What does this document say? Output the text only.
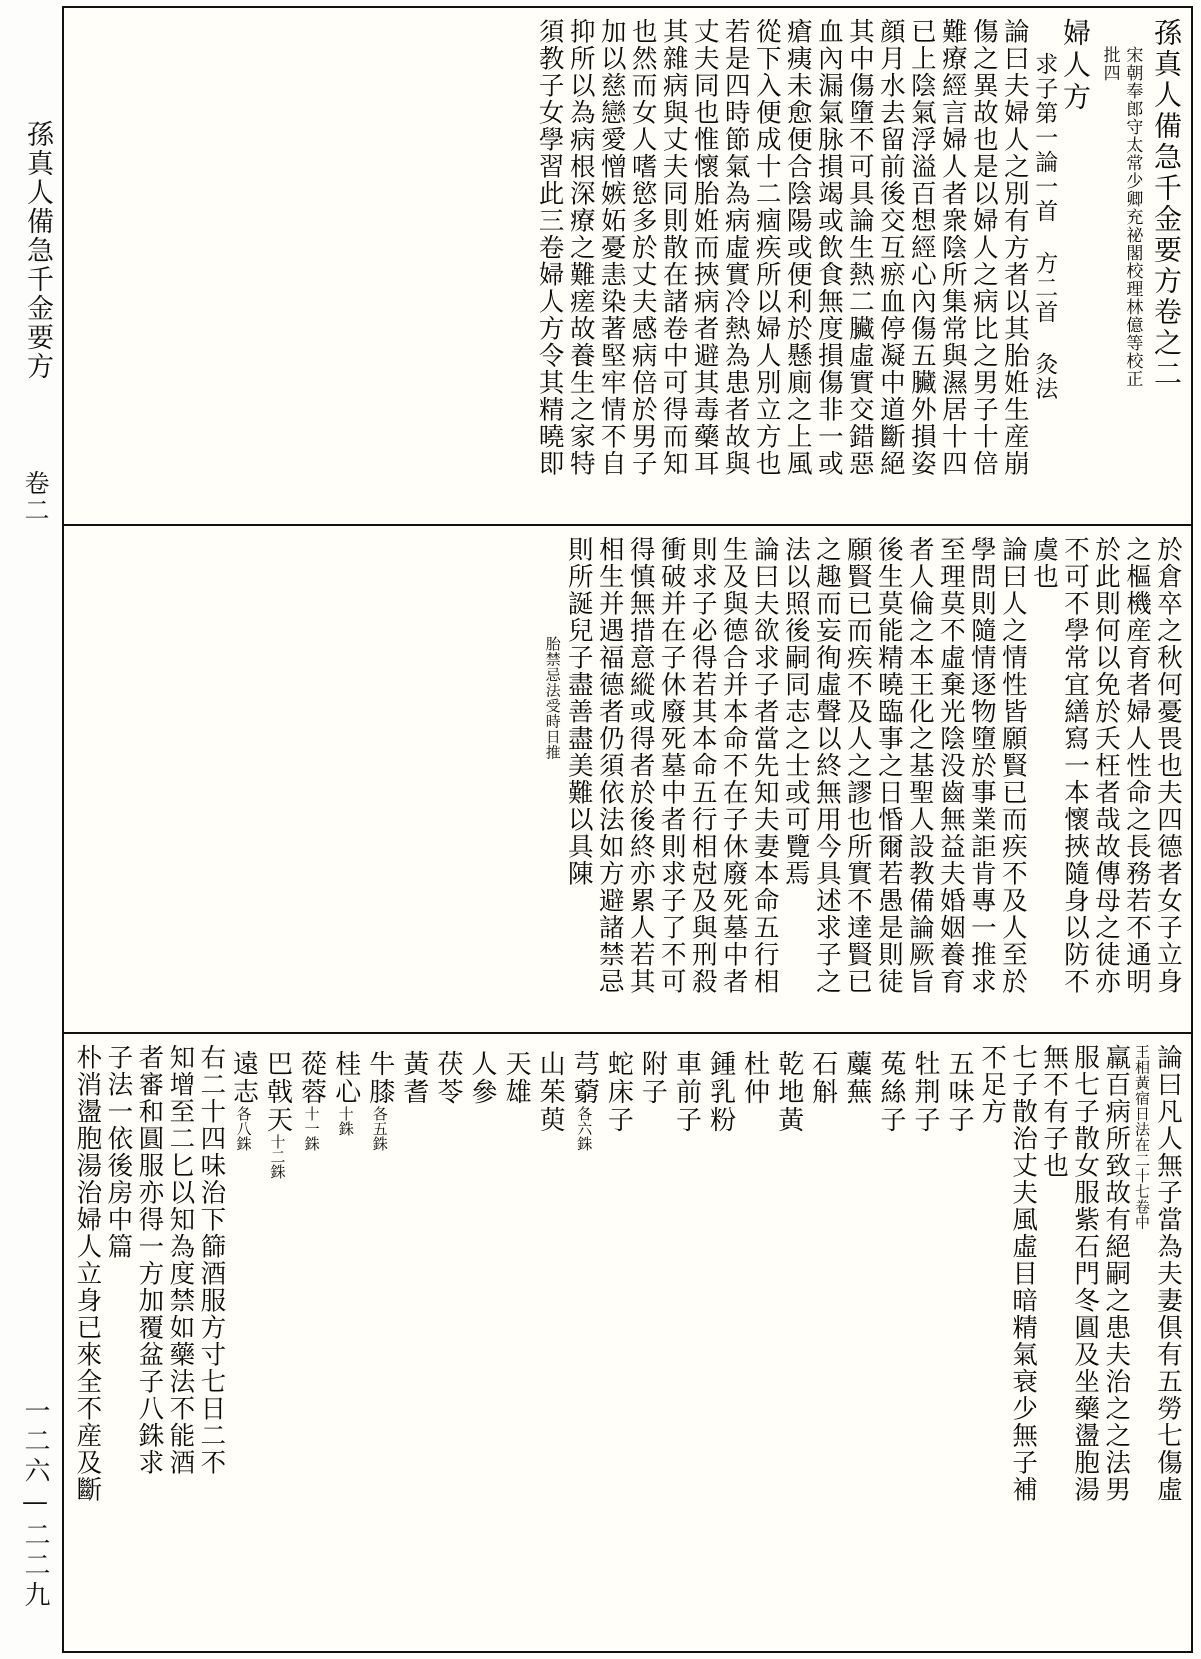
孫真人備急千金要方
卷二
一二六—二二九
孫真人備急千金要方卷之二
宋朝奉郎守太常少卿充祕閣校理林億等校正
批四
婦人方
求子第一論一首 方二首 灸法
論曰夫婦人之別有方者以其胎姙生産崩
傷之異故也是以婦人之病比之男子十倍
難療經言婦人者衆陰所集常與濕居十四
已上陰氣浮溢百想經心內傷五臟外損姿
顔月水去留前後交互瘀血停凝中道斷絕
其中傷墮不可具論生熱二臟虛實交錯惡
血內漏氣脉損竭或飲食無度損傷非一或
瘡痍未愈便合陰陽或便利於懸廁之上風
從下入便成十二痼疾所以婦人別立方也
若是四時節氣為病虛實冷熱為患者故與
丈夫同也惟懷胎姙而挾病者避其毒藥耳
其雜病與丈夫同則散在諸卷中可得而知
也然而女人嗜慾多於丈夫感病倍於男子
加以慈戀愛憎嫉妬憂恚染著堅牢情不自
抑所以為病根深療之難瘥故養生之家特
須教子女學習此三卷婦人方令其精曉即
於倉卒之秋何憂畏也夫四德者女子立身
之樞機産育者婦人性命之長務若不通明
於此則何以免於夭枉者哉故傳母之徒亦
不可不學常宜繕寫一本懷挾隨身以防不
虞也
論曰人之情性皆願賢已而疾不及人至於
學問則隨情逐物墮於事業詎肯專一推求
至理莫不虛棄光陰没齒無益夫婚姻養育
者人倫之本王化之基聖人設教備論厥旨
後生莫能精曉臨事之日惛爾若愚是則徒
願賢已而疾不及人之謬也所實不達賢已
之趣而妄徇虛聲以終無用今具述求子之
法以照後嗣同志之士或可覽焉
論曰夫欲求子者當先知夫妻本命五行相
生及與德合并本命不在子休廢死墓中者
則求子必得若其本命五行相尅及與刑殺
衝破并在子休廢死墓中者則求子了不可
得慎無措意縱或得者於後終亦累人若其
相生并遇福德者仍須依法如方避諸禁忌
則所誕兒子盡善盡美難以具陳
胎禁忌法受時日推
論曰凡人無子當為夫妻俱有五勞七傷虛
王相黃宿日法在二十七卷中
羸百病所致故有絕嗣之患夫治之之法男
服七子散女服紫石門冬圓及坐藥盪胞湯
無不有子也
七子散治丈夫風虛目暗精氣衰少無子補
不足方
五味子
牡荆子
菟絲子
蘪蕪
石斛
乾地黃
杜仲
鍾乳粉
車前子
附子
蛇床子
芎藭各六銖
山茱萸
天雄
人參
茯苓
黃耆
牛膝各五銖
桂心十銖
蓯蓉十一銖
巴戟天十二銖
遠志各八銖
右二十四味治下篩酒服方寸七日二不
知增至二匕以知為度禁如藥法不能酒
者審和圓服亦得一方加覆盆子八銖求
子法一依後房中篇
朴消盪胞湯治婦人立身已來全不産及斷
